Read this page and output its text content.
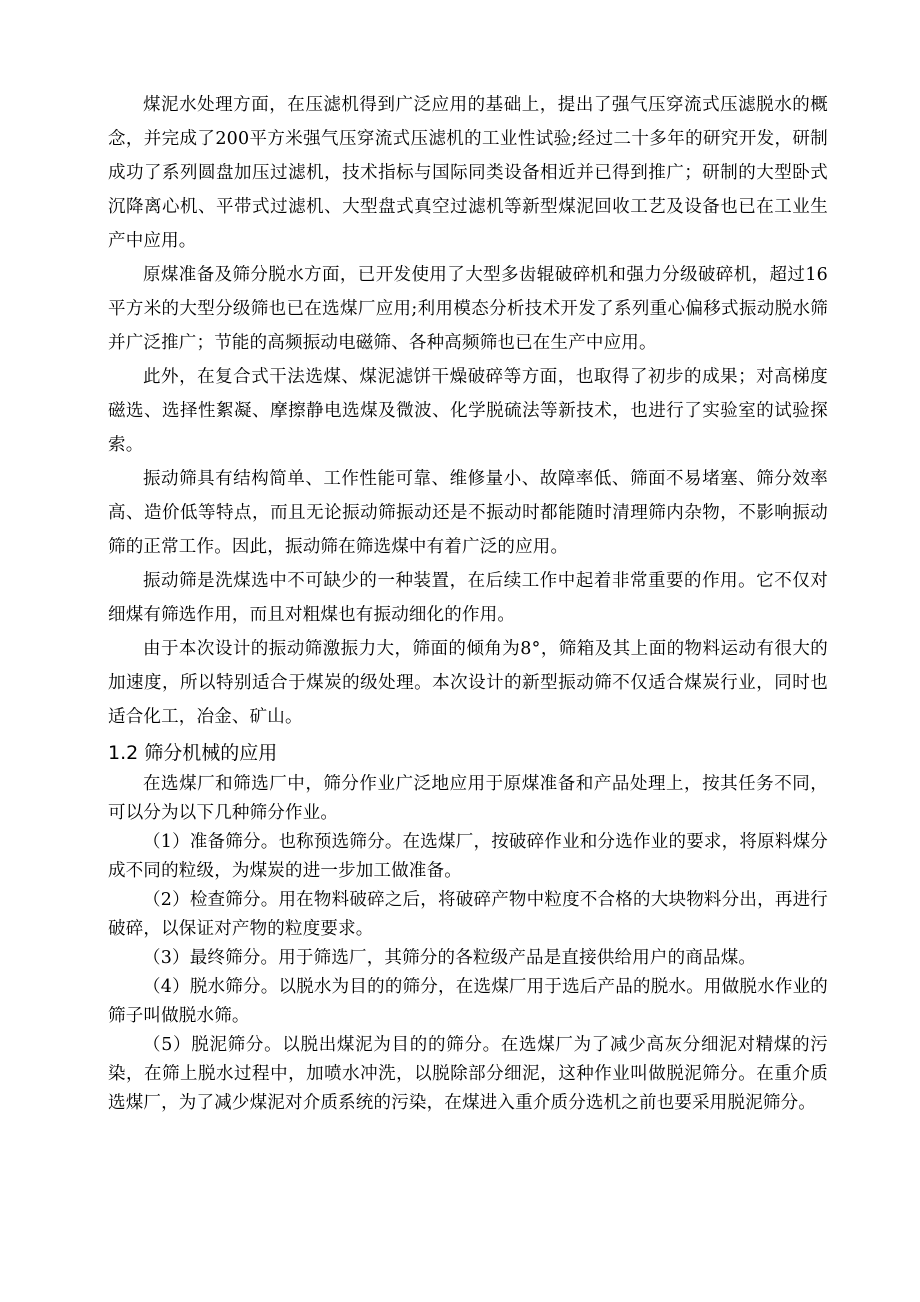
煤泥水处理方面，在压滤机得到广泛应用的基础上，提出了强气压穿流式压滤脱水的概念，并完成了200平方米强气压穿流式压滤机的工业性试验;经过二十多年的研究开发，研制成功了系列圆盘加压过滤机，技术指标与国际同类设备相近并已得到推广；研制的大型卧式沉降离心机、平带式过滤机、大型盘式真空过滤机等新型煤泥回收工艺及设备也已在工业生产中应用。

原煤准备及筛分脱水方面，已开发使用了大型多齿辊破碎机和强力分级破碎机，超过16平方米的大型分级筛也已在选煤厂应用;利用模态分析技术开发了系列重心偏移式振动脱水筛并广泛推广；节能的高频振动电磁筛、各种高频筛也已在生产中应用。

此外，在复合式干法选煤、煤泥滤饼干燥破碎等方面，也取得了初步的成果；对高梯度磁选、选择性絮凝、摩擦静电选煤及微波、化学脱硫法等新技术，也进行了实验室的试验探索。

振动筛具有结构简单、工作性能可靠、维修量小、故障率低、筛面不易堵塞、筛分效率高、造价低等特点，而且无论振动筛振动还是不振动时都能随时清理筛内杂物，不影响振动筛的正常工作。因此，振动筛在筛选煤中有着广泛的应用。

振动筛是洗煤选中不可缺少的一种装置，在后续工作中起着非常重要的作用。它不仅对细煤有筛选作用，而且对粗煤也有振动细化的作用。

由于本次设计的振动筛激振力大，筛面的倾角为8°，筛箱及其上面的物料运动有很大的加速度，所以特别适合于煤炭的级处理。本次设计的新型振动筛不仅适合煤炭行业，同时也适合化工，冶金、矿山。

1.2 筛分机械的应用

在选煤厂和筛选厂中，筛分作业广泛地应用于原煤准备和产品处理上，按其任务不同，可以分为以下几种筛分作业。

（1）准备筛分。也称预选筛分。在选煤厂，按破碎作业和分选作业的要求，将原料煤分成不同的粒级，为煤炭的进一步加工做准备。

（2）检查筛分。用在物料破碎之后，将破碎产物中粒度不合格的大块物料分出，再进行破碎，以保证对产物的粒度要求。

（3）最终筛分。用于筛选厂，其筛分的各粒级产品是直接供给用户的商品煤。

（4）脱水筛分。以脱水为目的的筛分，在选煤厂用于选后产品的脱水。用做脱水作业的筛子叫做脱水筛。

（5）脱泥筛分。以脱出煤泥为目的的筛分。在选煤厂为了减少高灰分细泥对精煤的污染，在筛上脱水过程中，加喷水冲洗，以脱除部分细泥，这种作业叫做脱泥筛分。在重介质选煤厂，为了减少煤泥对介质系统的污染，在煤进入重介质分选机之前也要采用脱泥筛分。
